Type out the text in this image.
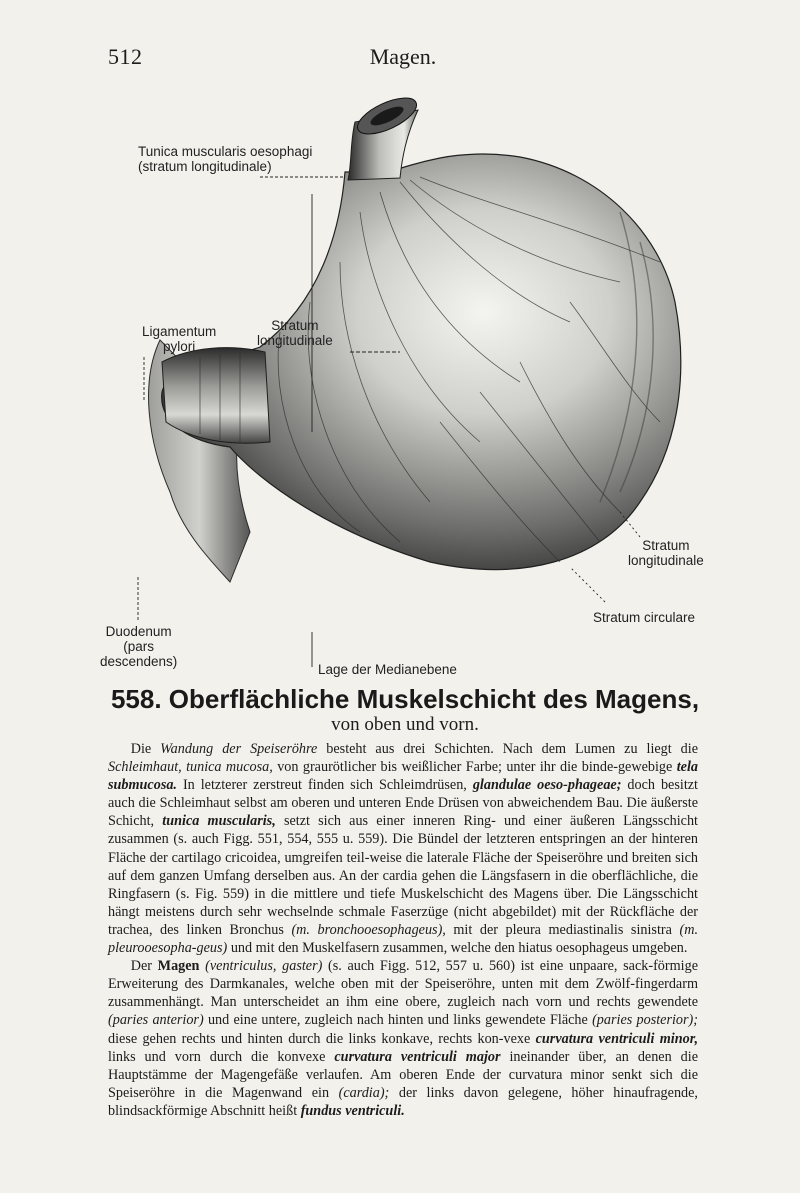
512	Magen.
Tunica muscularis oesophagi
(stratum longitudinale)
Ligamentum
pylori
Stratum
longitudinale
Stratum
longitudinale
Stratum circulare
Duodenum
(pars
descendens)
Lage der Medianebene
558. Oberflächliche Muskelschicht des Magens,
von oben und vorn.

Die Wandung der Speiseröhre besteht aus drei Schichten. Nach dem Lumen zu liegt die Schleimhaut, tunica mucosa, von graurötlicher bis weißlicher Farbe; unter ihr die binde-gewebige tela submucosa. In letzterer zerstreut finden sich Schleimdrüsen, glandulae oeso-phageae; doch besitzt auch die Schleimhaut selbst am oberen und unteren Ende Drüsen von abweichendem Bau. Die äußerste Schicht, tunica muscularis, setzt sich aus einer inneren Ring- und einer äußeren Längsschicht zusammen (s. auch Figg. 551, 554, 555 u. 559). Die Bündel der letzteren entspringen an der hinteren Fläche der cartilago cricoidea, umgreifen teil-weise die laterale Fläche der Speiseröhre und breiten sich auf dem ganzen Umfang derselben aus. An der cardia gehen die Längsfasern in die oberflächliche, die Ringfasern (s. Fig. 559) in die mittlere und tiefe Muskelschicht des Magens über. Die Längsschicht hängt meistens durch sehr wechselnde schmale Faserzüge (nicht abgebildet) mit der Rückfläche der trachea, des linken Bronchus (m. bronchooesophageus), mit der pleura mediastinalis sinistra (m. pleurooesopha-geus) und mit den Muskelfasern zusammen, welche den hiatus oesophageus umgeben.

Der Magen (ventriculus, gaster) (s. auch Figg. 512, 557 u. 560) ist eine unpaare, sack-förmige Erweiterung des Darmkanales, welche oben mit der Speiseröhre, unten mit dem Zwölf-fingerdarm zusammenhängt. Man unterscheidet an ihm eine obere, zugleich nach vorn und rechts gewendete (paries anterior) und eine untere, zugleich nach hinten und links gewendete Fläche (paries posterior); diese gehen rechts und hinten durch die links konkave, rechts kon-vexe curvatura ventriculi minor, links und vorn durch die konvexe curvatura ventriculi major ineinander über, an denen die Hauptstämme der Magengefäße verlaufen. Am oberen Ende der curvatura minor senkt sich die Speiseröhre in die Magenwand ein (cardia); der links davon gelegene, höher hinaufragende, blindsackförmige Abschnitt heißt fundus ventriculi.
